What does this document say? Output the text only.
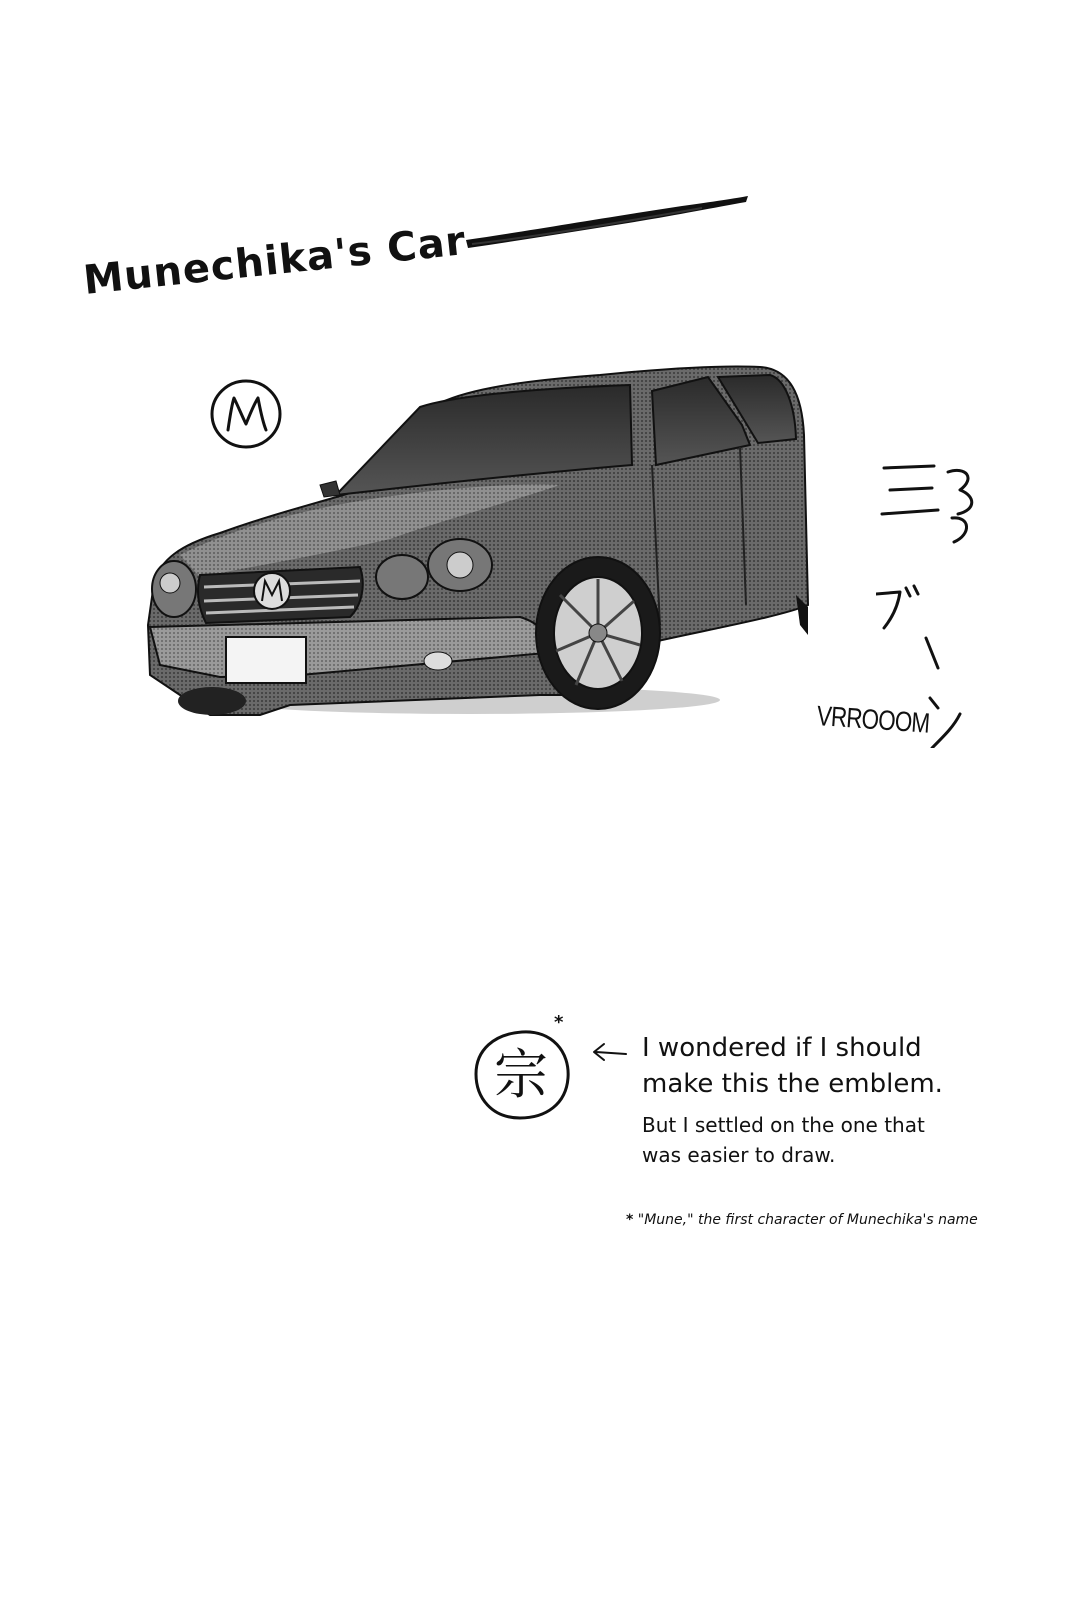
Munechika's Car
VRROOOM
宗
*
I wondered if I should
make this the emblem.
But I settled on the one that
was easier to draw.
* "Mune," the first character of Munechika's name
